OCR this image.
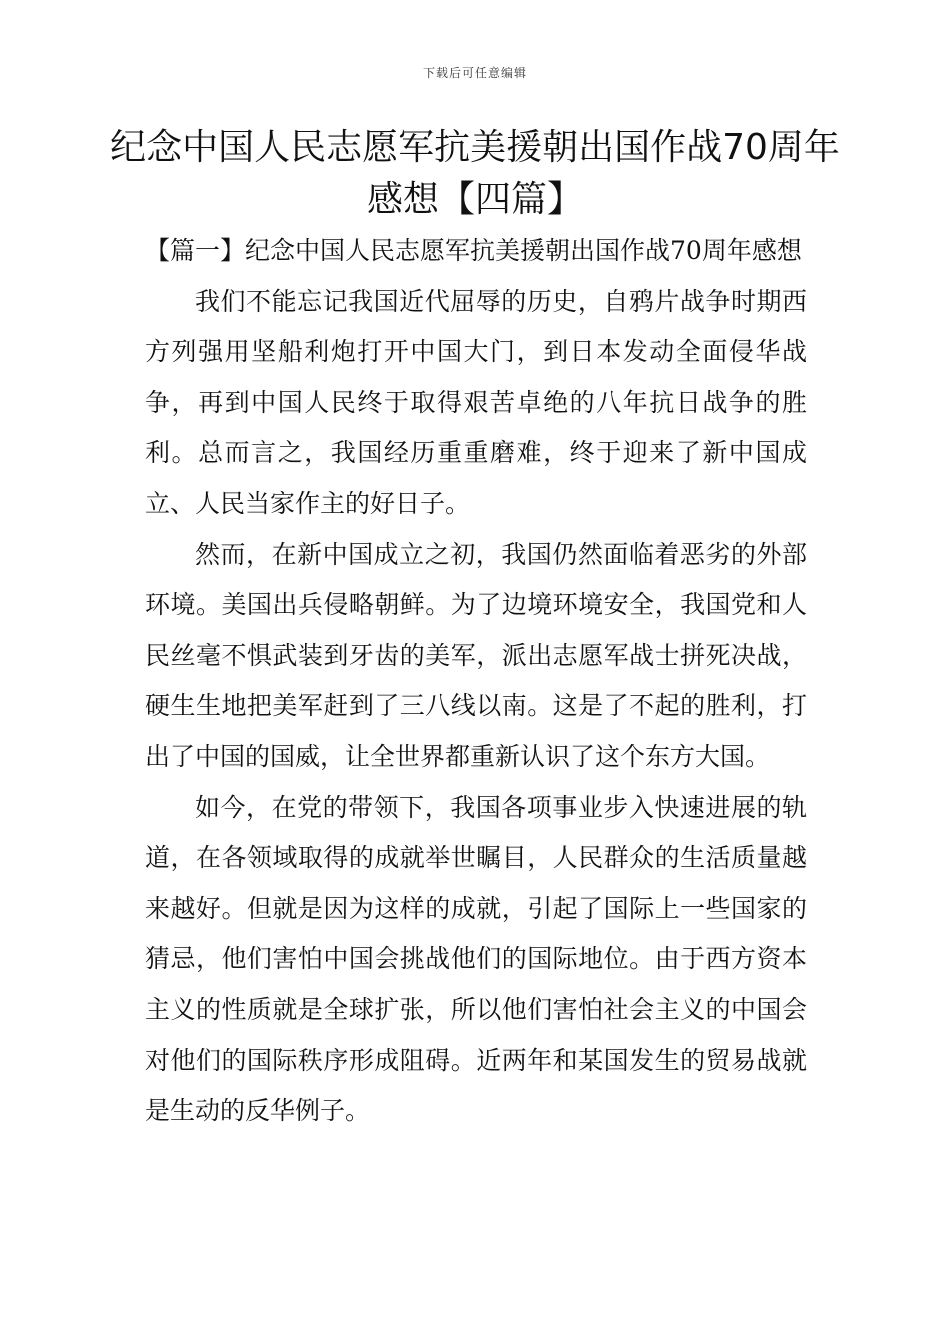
下载后可任意编辑
纪念中国人民志愿军抗美援朝出国作战70周年感想【四篇】

【篇一】纪念中国人民志愿军抗美援朝出国作战70周年感想

我们不能忘记我国近代屈辱的历史，自鸦片战争时期西方列强用坚船利炮打开中国大门，到日本发动全面侵华战争，再到中国人民终于取得艰苦卓绝的八年抗日战争的胜利。总而言之，我国经历重重磨难，终于迎来了新中国成立、人民当家作主的好日子。

然而，在新中国成立之初，我国仍然面临着恶劣的外部环境。美国出兵侵略朝鲜。为了边境环境安全，我国党和人民丝毫不惧武装到牙齿的美军，派出志愿军战士拼死决战，硬生生地把美军赶到了三八线以南。这是了不起的胜利，打出了中国的国威，让全世界都重新认识了这个东方大国。

如今，在党的带领下，我国各项事业步入快速进展的轨道，在各领域取得的成就举世瞩目，人民群众的生活质量越来越好。但就是因为这样的成就，引起了国际上一些国家的猜忌，他们害怕中国会挑战他们的国际地位。由于西方资本主义的性质就是全球扩张，所以他们害怕社会主义的中国会对他们的国际秩序形成阻碍。近两年和某国发生的贸易战就是生动的反华例子。
